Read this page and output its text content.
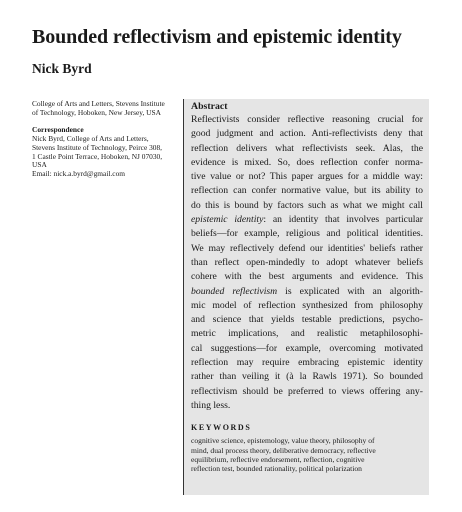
Bounded reflectivism and epistemic identity
Nick Byrd
College of Arts and Letters, Stevens Institute
of Technology, Hoboken, New Jersey, USA
Correspondence
Nick Byrd, College of Arts and Letters,
Stevens Institute of Technology, Peirce 308,
1 Castle Point Terrace, Hoboken, NJ 07030,
USA
Email: nick.a.byrd@gmail.com
Abstract
Reflectivists consider reflective reasoning crucial for
good judgment and action. Anti-reflectivists deny that
reflection delivers what reflectivists seek. Alas, the
evidence is mixed. So, does reflection confer norma-
tive value or not? This paper argues for a middle way:
reflection can confer normative value, but its ability to
do this is bound by factors such as what we might call
epistemic identity: an identity that involves particular
beliefs—for example, religious and political identities.
We may reflectively defend our identities' beliefs rather
than reflect open-mindedly to adopt whatever beliefs
cohere with the best arguments and evidence. This
bounded reflectivism is explicated with an algorith-
mic model of reflection synthesized from philosophy
and science that yields testable predictions, psycho-
metric implications, and realistic metaphilosophi-
cal suggestions—for example, overcoming motivated
reflection may require embracing epistemic identity
rather than veiling it (à la Rawls 1971). So bounded
reflectivism should be preferred to views offering any-
thing less.
KEYWORDS
cognitive science, epistemology, value theory, philosophy of
mind, dual process theory, deliberative democracy, reflective
equilibrium, reflective endorsement, reflection, cognitive
reflection test, bounded rationality, political polarization
